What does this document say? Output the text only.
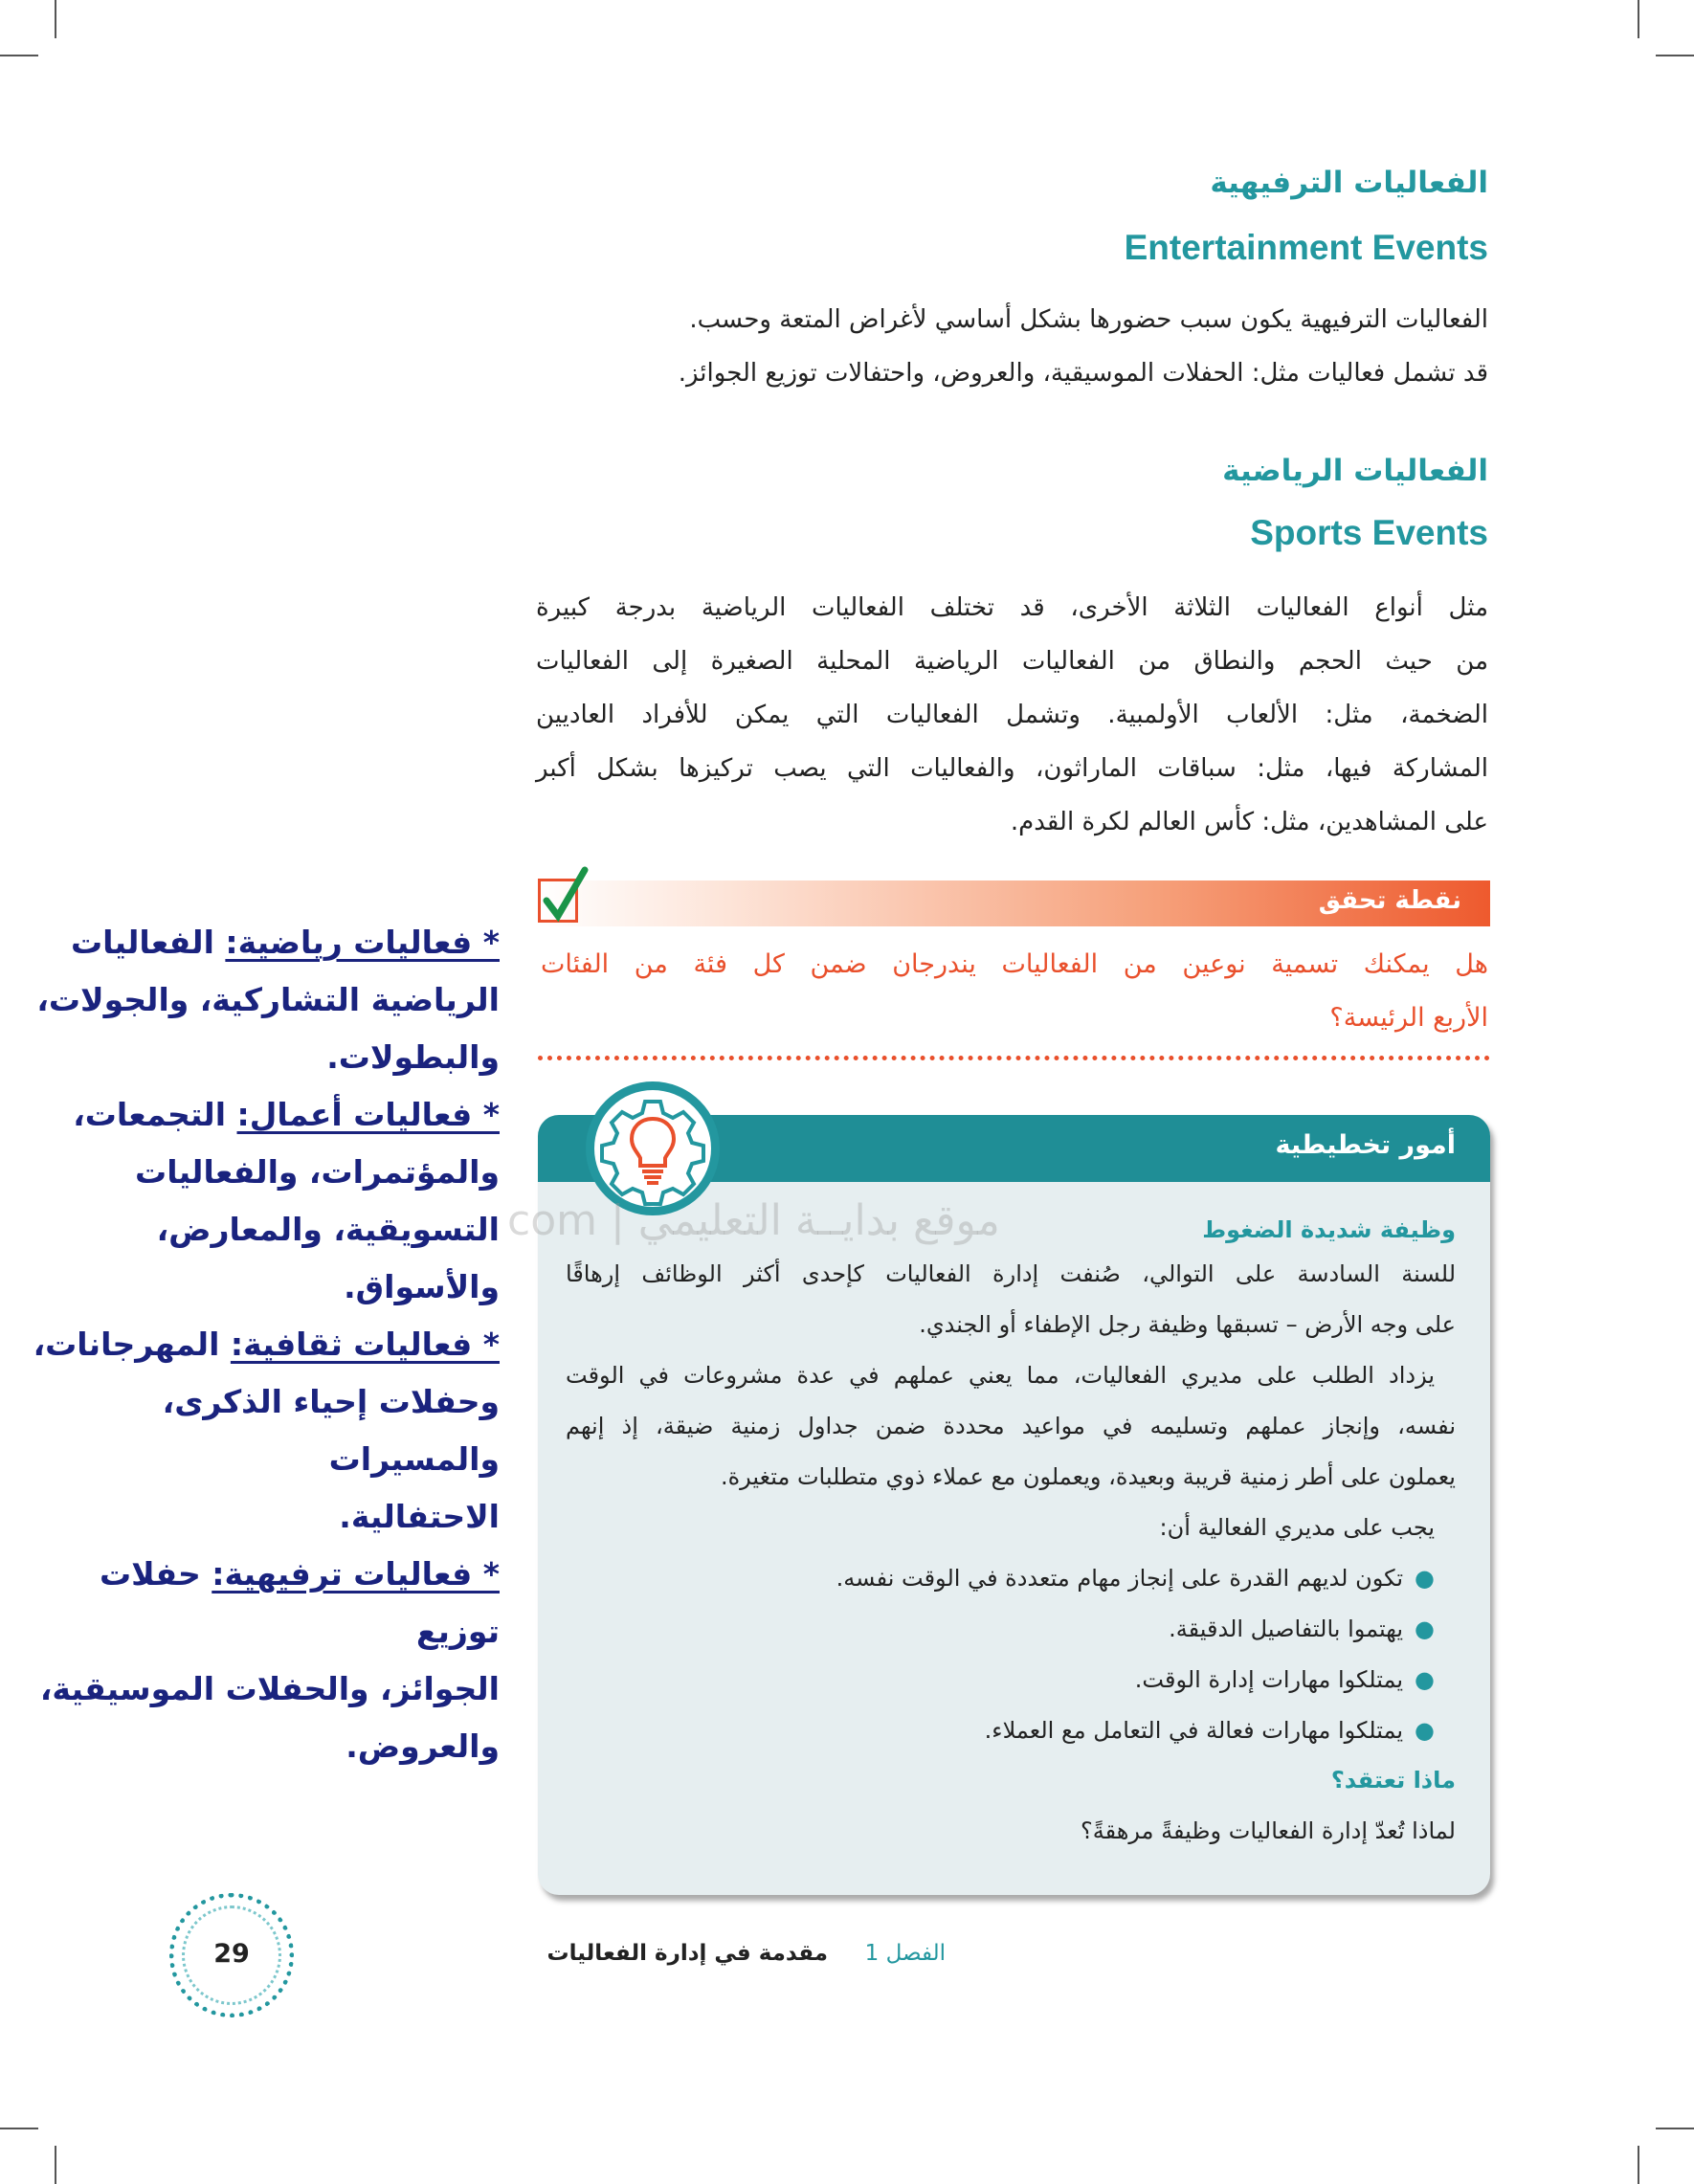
الفعاليات الترفيهية
Entertainment Events
الفعاليات الترفيهية يكون سبب حضورها بشكل أساسي لأغراض المتعة وحسب.
قد تشمل فعاليات مثل: الحفلات الموسيقية، والعروض، واحتفالات توزيع الجوائز.
الفعاليات الرياضية
Sports Events
مثل أنواع الفعاليات الثلاثة الأخرى، قد تختلف الفعاليات الرياضية بدرجة كبيرة
من حيث الحجم والنطاق من الفعاليات الرياضية المحلية الصغيرة إلى الفعاليات
الضخمة، مثل: الألعاب الأولمبية. وتشمل الفعاليات التي يمكن للأفراد العاديين
المشاركة فيها، مثل: سباقات الماراثون، والفعاليات التي يصب تركيزها بشكل أكبر
على المشاهدين، مثل: كأس العالم لكرة القدم.
نقطة تحقق
هل يمكنك تسمية نوعين من الفعاليات يندرجان ضمن كل فئة من الفئات
الأربع الرئيسة؟
أمور تخطيطية
وظيفة شديدة الضغوط
للسنة السادسة على التوالي، صُنفت إدارة الفعاليات كإحدى أكثر الوظائف إرهاقًا
على وجه الأرض – تسبقها وظيفة رجل الإطفاء أو الجندي.
يزداد الطلب على مديري الفعاليات، مما يعني عملهم في عدة مشروعات في الوقت
نفسه، وإنجاز عملهم وتسليمه في مواعيد محددة ضمن جداول زمنية ضيقة، إذ إنهم
يعملون على أطر زمنية قريبة وبعيدة، ويعملون مع عملاء ذوي متطلبات متغيرة.
يجب على مديري الفعالية أن:
●تكون لديهم القدرة على إنجاز مهام متعددة في الوقت نفسه.
●يهتموا بالتفاصيل الدقيقة.
●يمتلكوا مهارات إدارة الوقت.
●يمتلكوا مهارات فعالة في التعامل مع العملاء.
ماذا تعتقد؟
لماذا تُعدّ إدارة الفعاليات وظيفةً مرهقةً؟
موقع بدايــة التعليمي | com
* فعاليات رياضية: الفعاليات
الرياضية التشاركية، والجولات،
والبطولات.
* فعاليات أعمال: التجمعات،
والمؤتمرات، والفعاليات
التسويقية، والمعارض، والأسواق.
* فعاليات ثقافية: المهرجانات،
وحفلات إحياء الذكرى، والمسيرات
الاحتفالية.
* فعاليات ترفيهية: حفلات توزيع
الجوائز، والحفلات الموسيقية،
والعروض.
29	الفصل 1  مقدمة في إدارة الفعاليات
